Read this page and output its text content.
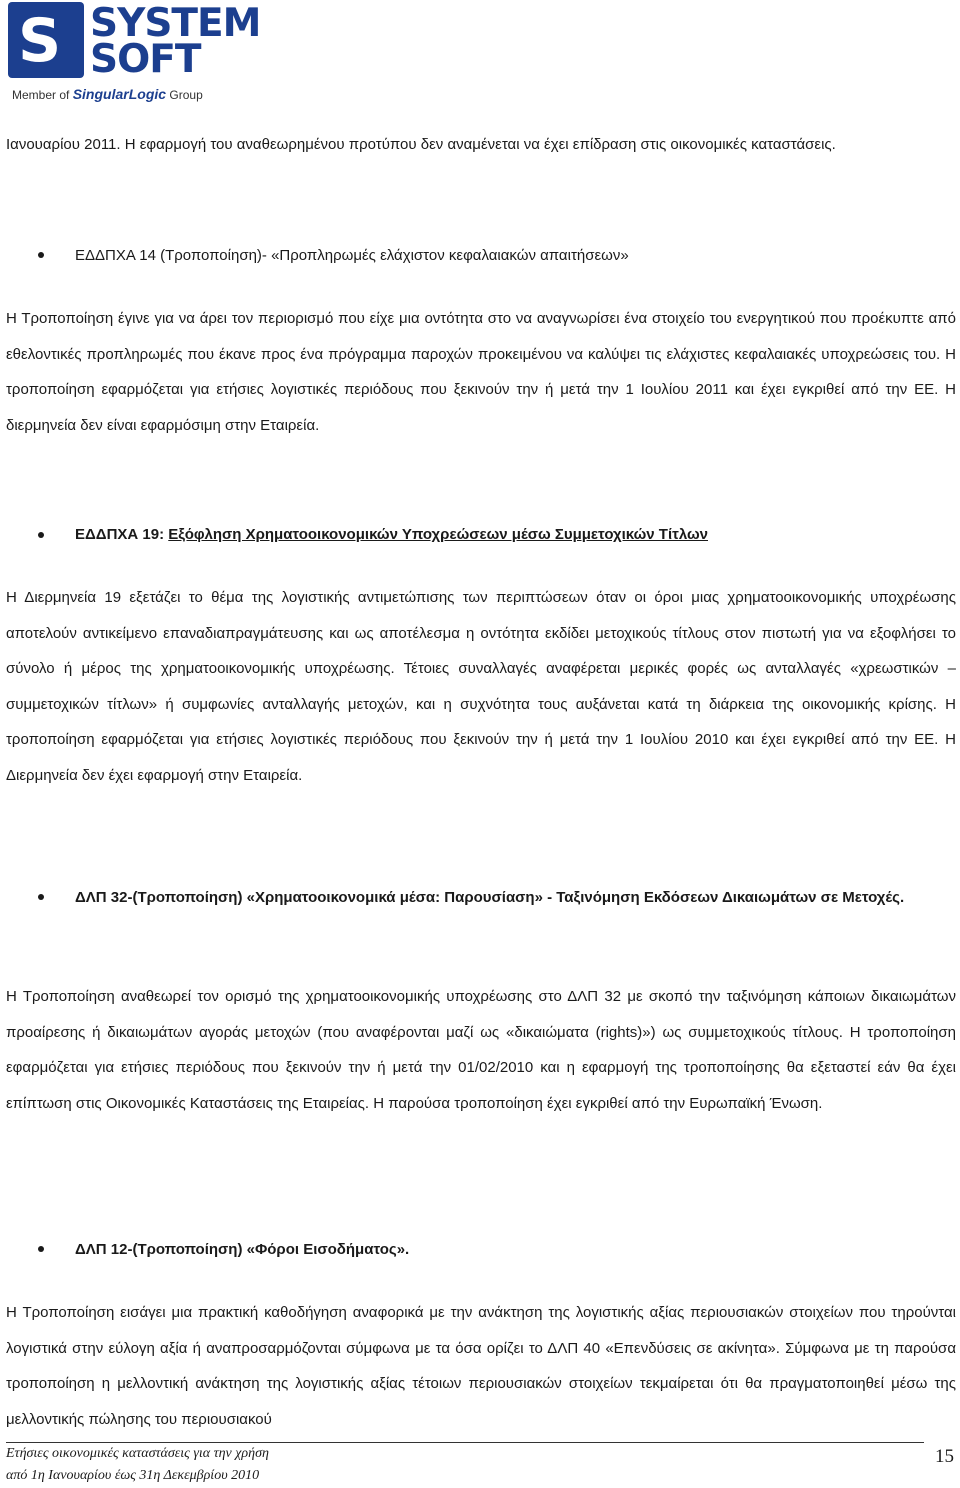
S SYSTEM
SOFT
Member of SingularLogic Group

Ιανουαρίου 2011. Η εφαρμογή του αναθεωρημένου προτύπου δεν αναμένεται να έχει επίδραση στις οικονομικές καταστάσεις.

ΕΔΔΠΧΑ 14 (Τροποποίηση)- «Προπληρωμές ελάχιστον κεφαλαιακών απαιτήσεων»

Η Τροποποίηση έγινε για να άρει τον περιορισμό που είχε μια οντότητα στο να αναγνωρίσει ένα στοιχείο του ενεργητικού που προέκυπτε από εθελοντικές προπληρωμές που έκανε προς ένα πρόγραμμα παροχών προκειμένου να καλύψει τις ελάχιστες κεφαλαιακές υποχρεώσεις του. Η τροποποίηση εφαρμόζεται για ετήσιες λογιστικές περιόδους που ξεκινούν την ή μετά την 1 Ιουλίου 2011 και έχει εγκριθεί από την ΕΕ. Η διερμηνεία δεν είναι εφαρμόσιμη στην Εταιρεία.

ΕΔΔΠΧΑ 19: Εξόφληση Χρηματοοικονομικών Υποχρεώσεων μέσω Συμμετοχικών Τίτλων

Η Διερμηνεία 19 εξετάζει το θέμα της λογιστικής αντιμετώπισης των περιπτώσεων όταν οι όροι μιας χρηματοοικονομικής υποχρέωσης αποτελούν αντικείμενο επαναδιαπραγμάτευσης και ως αποτέλεσμα η οντότητα εκδίδει μετοχικούς τίτλους στον πιστωτή για να εξοφλήσει το σύνολο ή μέρος της χρηματοοικονομικής υποχρέωσης. Τέτοιες συναλλαγές αναφέρεται μερικές φορές ως ανταλλαγές «χρεωστικών – συμμετοχικών τίτλων» ή συμφωνίες ανταλλαγής μετοχών, και η συχνότητα τους αυξάνεται κατά τη διάρκεια της οικονομικής κρίσης. Η τροποποίηση εφαρμόζεται για ετήσιες λογιστικές περιόδους που ξεκινούν την ή μετά την 1 Ιουλίου 2010 και έχει εγκριθεί από την ΕΕ. Η Διερμηνεία δεν έχει εφαρμογή στην Εταιρεία.

ΔΛΠ 32-(Τροποποίηση) «Χρηματοοικονομικά μέσα: Παρουσίαση» - Ταξινόμηση Εκδόσεων Δικαιωμάτων σε Μετοχές.

Η Τροποποίηση αναθεωρεί τον ορισμό της χρηματοοικονομικής υποχρέωσης στο ΔΛΠ 32 με σκοπό την ταξινόμηση κάποιων δικαιωμάτων προαίρεσης ή δικαιωμάτων αγοράς μετοχών (που αναφέρονται μαζί ως «δικαιώματα (rights)») ως συμμετοχικούς τίτλους. Η τροποποίηση εφαρμόζεται για ετήσιες περιόδους που ξεκινούν την ή μετά την 01/02/2010 και η εφαρμογή της τροποποίησης θα εξεταστεί εάν θα έχει επίπτωση στις Οικονομικές Καταστάσεις της Εταιρείας. Η παρούσα τροποποίηση έχει εγκριθεί από την Ευρωπαϊκή Ένωση.

ΔΛΠ 12-(Τροποποίηση) «Φόροι Εισοδήματος».

Η Τροποποίηση εισάγει μια πρακτική καθοδήγηση αναφορικά με την ανάκτηση της λογιστικής αξίας περιουσιακών στοιχείων που τηρούνται λογιστικά στην εύλογη αξία ή αναπροσαρμόζονται σύμφωνα με τα όσα ορίζει το ΔΛΠ 40 «Επενδύσεις σε ακίνητα». Σύμφωνα με τη παρούσα τροποποίηση η μελλοντική ανάκτηση της λογιστικής αξίας τέτοιων περιουσιακών στοιχείων τεκμαίρεται ότι θα πραγματοποιηθεί μέσω της μελλοντικής πώλησης του περιουσιακού

Ετήσιες οικονομικές καταστάσεις για την χρήση
από 1η Ιανουαρίου έως 31η Δεκεμβρίου 2010
15
